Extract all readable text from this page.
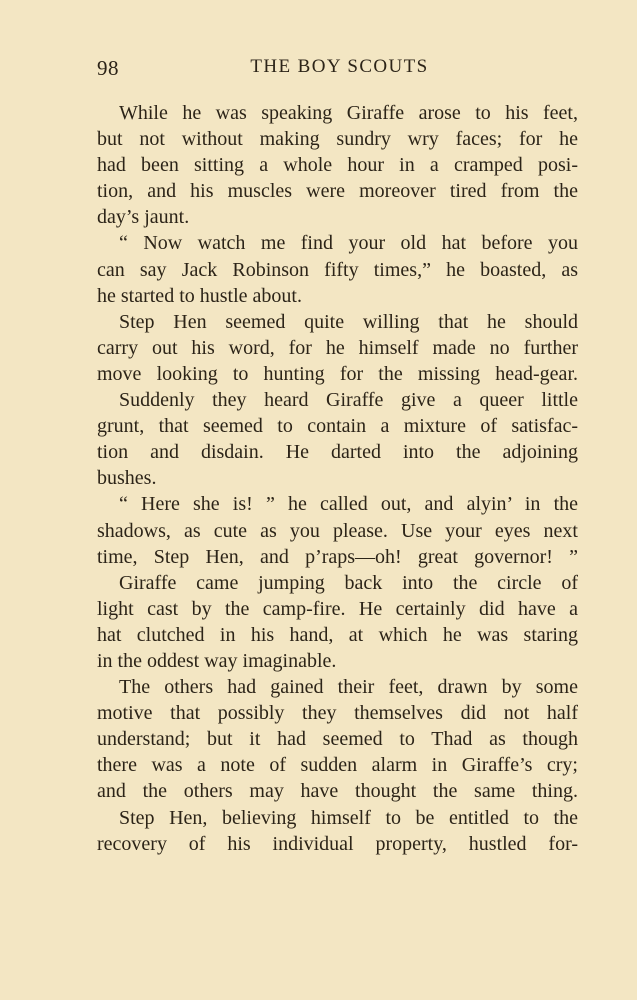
98	THE BOY SCOUTS
While he was speaking Giraffe arose to his feet,
but not without making sundry wry faces; for he
had been sitting a whole hour in a cramped posi-
tion, and his muscles were moreover tired from the
day’s jaunt.
“ Now watch me find your old hat before you
can say Jack Robinson fifty times,” he boasted, as
he started to hustle about.
Step Hen seemed quite willing that he should
carry out his word, for he himself made no further
move looking to hunting for the missing head-gear.
Suddenly they heard Giraffe give a queer little
grunt, that seemed to contain a mixture of satisfac-
tion and disdain. He darted into the adjoining
bushes.
“ Here she is! ” he called out, and alyin’ in the
shadows, as cute as you please. Use your eyes next
time, Step Hen, and p’raps—oh! great governor! ”
Giraffe came jumping back into the circle of
light cast by the camp-fire. He certainly did have a
hat clutched in his hand, at which he was staring
in the oddest way imaginable.
The others had gained their feet, drawn by some
motive that possibly they themselves did not half
understand; but it had seemed to Thad as though
there was a note of sudden alarm in Giraffe’s cry;
and the others may have thought the same thing.
Step Hen, believing himself to be entitled to the
recovery of his individual property, hustled for-
